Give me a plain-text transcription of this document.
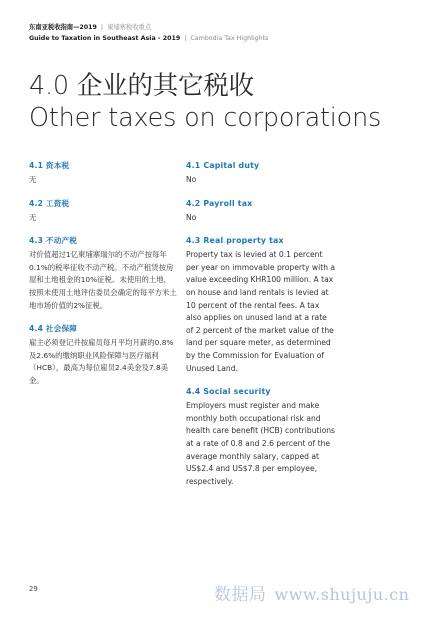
东南亚税收指南—2019 | 柬埔寨税收重点
Guide to Taxation in Southeast Asia - 2019 | Cambodia Tax Highlights
4.0 企业的其它税收
Other taxes on corporations
4.1 资本税

无

4.2 工资税

无

4.3 不动产税

对价值超过1亿柬埔寨瑞尔的不动产按每年0.1%的税率征收不动产税。不动产租赁按房屋和土地租金的10%征税。未使用的土地，按照未使用土地评估委员会确定的每平方米土地市场价值的2%征税。

4.4 社会保障

雇主必须登记并按雇员每月平均月薪的0.8%及2.6%的缴纳职业风险保障与医疗福利（HCB），最高为每位雇员2.4美金及7.8美金。

4.1 Capital duty

No

4.2 Payroll tax

No

4.3 Real property tax

Property tax is levied at 0.1 percent per year on immovable property with a value exceeding KHR100 million. A tax on house and land rentals is levied at 10 percent of the rental fees. A tax also applies on unused land at a rate of 2 percent of the market value of the land per square meter, as determined by the Commission for Evaluation of Unused Land.

4.4 Social security

Employers must register and make monthly both occupational risk and health care benefit (HCB) contributions at a rate of 0.8 and 2.6 percent of the average monthly salary, capped at US$2.4 and US$7.8 per employee, respectively.

29	数据局 www.shujuju.cn
